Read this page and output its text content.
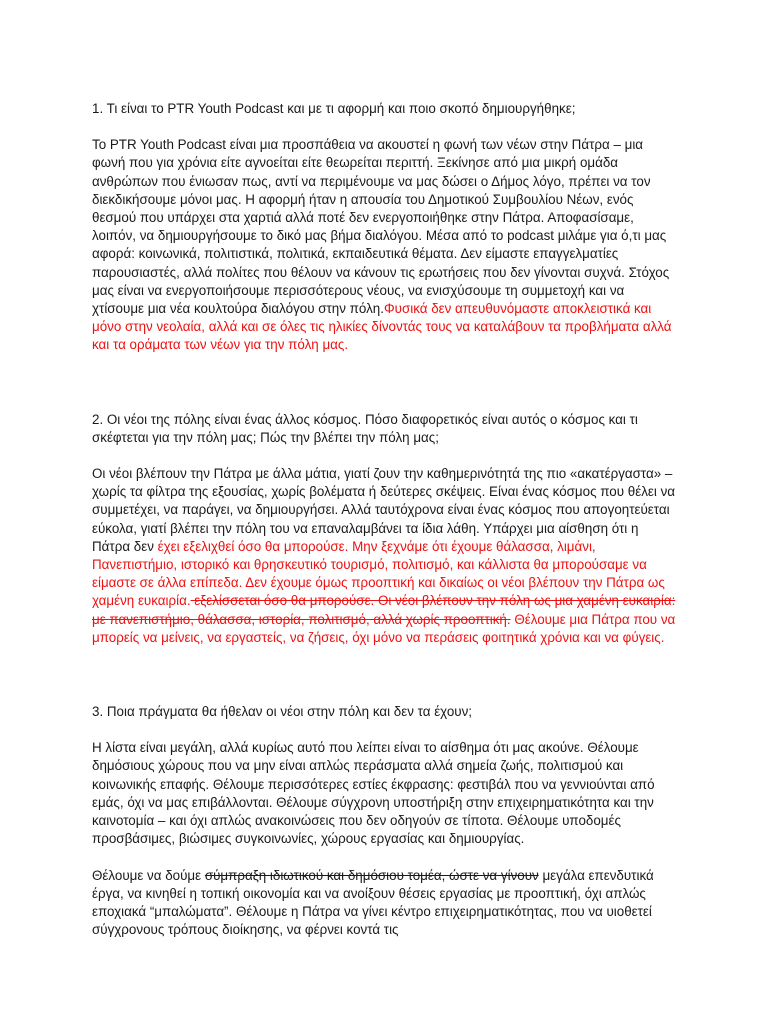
1. Τι είναι το PTR Youth Podcast και με τι αφορμή και ποιο σκοπό δημιουργήθηκε;

Το PTR Youth Podcast είναι μια προσπάθεια να ακουστεί η φωνή των νέων στην Πάτρα – μια φωνή που για χρόνια είτε αγνοείται είτε θεωρείται περιττή. Ξεκίνησε από μια μικρή ομάδα ανθρώπων που ένιωσαν πως, αντί να περιμένουμε να μας δώσει ο Δήμος λόγο, πρέπει να τον διεκδικήσουμε μόνοι μας. Η αφορμή ήταν η απουσία του Δημοτικού Συμβουλίου Νέων, ενός θεσμού που υπάρχει στα χαρτιά αλλά ποτέ δεν ενεργοποιήθηκε στην Πάτρα. Αποφασίσαμε, λοιπόν, να δημιουργήσουμε το δικό μας βήμα διαλόγου. Μέσα από το podcast μιλάμε για ό,τι μας αφορά: κοινωνικά, πολιτιστικά, πολιτικά, εκπαιδευτικά θέματα. Δεν είμαστε επαγγελματίες παρουσιαστές, αλλά πολίτες που θέλουν να κάνουν τις ερωτήσεις που δεν γίνονται συχνά. Στόχος μας είναι να ενεργοποιήσουμε περισσότερους νέους, να ενισχύσουμε τη συμμετοχή και να χτίσουμε μια νέα κουλτούρα διαλόγου στην πόλη.Φυσικά δεν απευθυνόμαστε αποκλειστικά και μόνο στην νεολαία, αλλά και σε όλες τις ηλικίες δίνοντάς τους να καταλάβουν τα προβλήματα αλλά και τα οράματα των νέων για την πόλη μας.

2. Οι νέοι της πόλης είναι ένας άλλος κόσμος. Πόσο διαφορετικός είναι αυτός ο κόσμος και τι σκέφτεται για την πόλη μας; Πώς την βλέπει την πόλη μας;

Οι νέοι βλέπουν την Πάτρα με άλλα μάτια, γιατί ζουν την καθημερινότητά της πιο «ακατέργαστα» – χωρίς τα φίλτρα της εξουσίας, χωρίς βολέματα ή δεύτερες σκέψεις. Είναι ένας κόσμος που θέλει να συμμετέχει, να παράγει, να δημιουργήσει. Αλλά ταυτόχρονα είναι ένας κόσμος που απογοητεύεται εύκολα, γιατί βλέπει την πόλη του να επαναλαμβάνει τα ίδια λάθη. Υπάρχει μια αίσθηση ότι η Πάτρα δεν έχει εξελιχθεί όσο θα μπορούσε. Μην ξεχνάμε ότι έχουμε θάλασσα, λιμάνι, Πανεπιστήμιο, ιστορικό και θρησκευτικό τουρισμό, πολιτισμό, και κάλλιστα θα μπορούσαμε να είμαστε σε άλλα επίπεδα. Δεν έχουμε όμως προοπτική και δικαίως οι νέοι βλέπουν την Πάτρα ως χαμένη ευκαιρία. εξελίσσεται όσο θα μπορούσε. Οι νέοι βλέπουν την πόλη ως μια χαμένη ευκαιρία: με πανεπιστήμιο, θάλασσα, ιστορία, πολιτισμό, αλλά χωρίς προοπτική. Θέλουμε μια Πάτρα που να μπορείς να μείνεις, να εργαστείς, να ζήσεις, όχι μόνο να περάσεις φοιτητικά χρόνια και να φύγεις.

3. Ποια πράγματα θα ήθελαν οι νέοι στην πόλη και δεν τα έχουν;

Η λίστα είναι μεγάλη, αλλά κυρίως αυτό που λείπει είναι το αίσθημα ότι μας ακούνε. Θέλουμε δημόσιους χώρους που να μην είναι απλώς περάσματα αλλά σημεία ζωής, πολιτισμού και κοινωνικής επαφής. Θέλουμε περισσότερες εστίες έκφρασης: φεστιβάλ που να γεννιούνται από εμάς, όχι να μας επιβάλλονται. Θέλουμε σύγχρονη υποστήριξη στην επιχειρηματικότητα και την καινοτομία – και όχι απλώς ανακοινώσεις που δεν οδηγούν σε τίποτα. Θέλουμε υποδομές προσβάσιμες, βιώσιμες συγκοινωνίες, χώρους εργασίας και δημιουργίας.

Θέλουμε να δούμε σύμπραξη ιδιωτικού και δημόσιου τομέα, ώστε να γίνουν μεγάλα επενδυτικά έργα, να κινηθεί η τοπική οικονομία και να ανοίξουν θέσεις εργασίας με προοπτική, όχι απλώς εποχιακά “μπαλώματα”. Θέλουμε η Πάτρα να γίνει κέντρο επιχειρηματικότητας, που να υιοθετεί σύγχρονους τρόπους διοίκησης, να φέρνει κοντά τις
